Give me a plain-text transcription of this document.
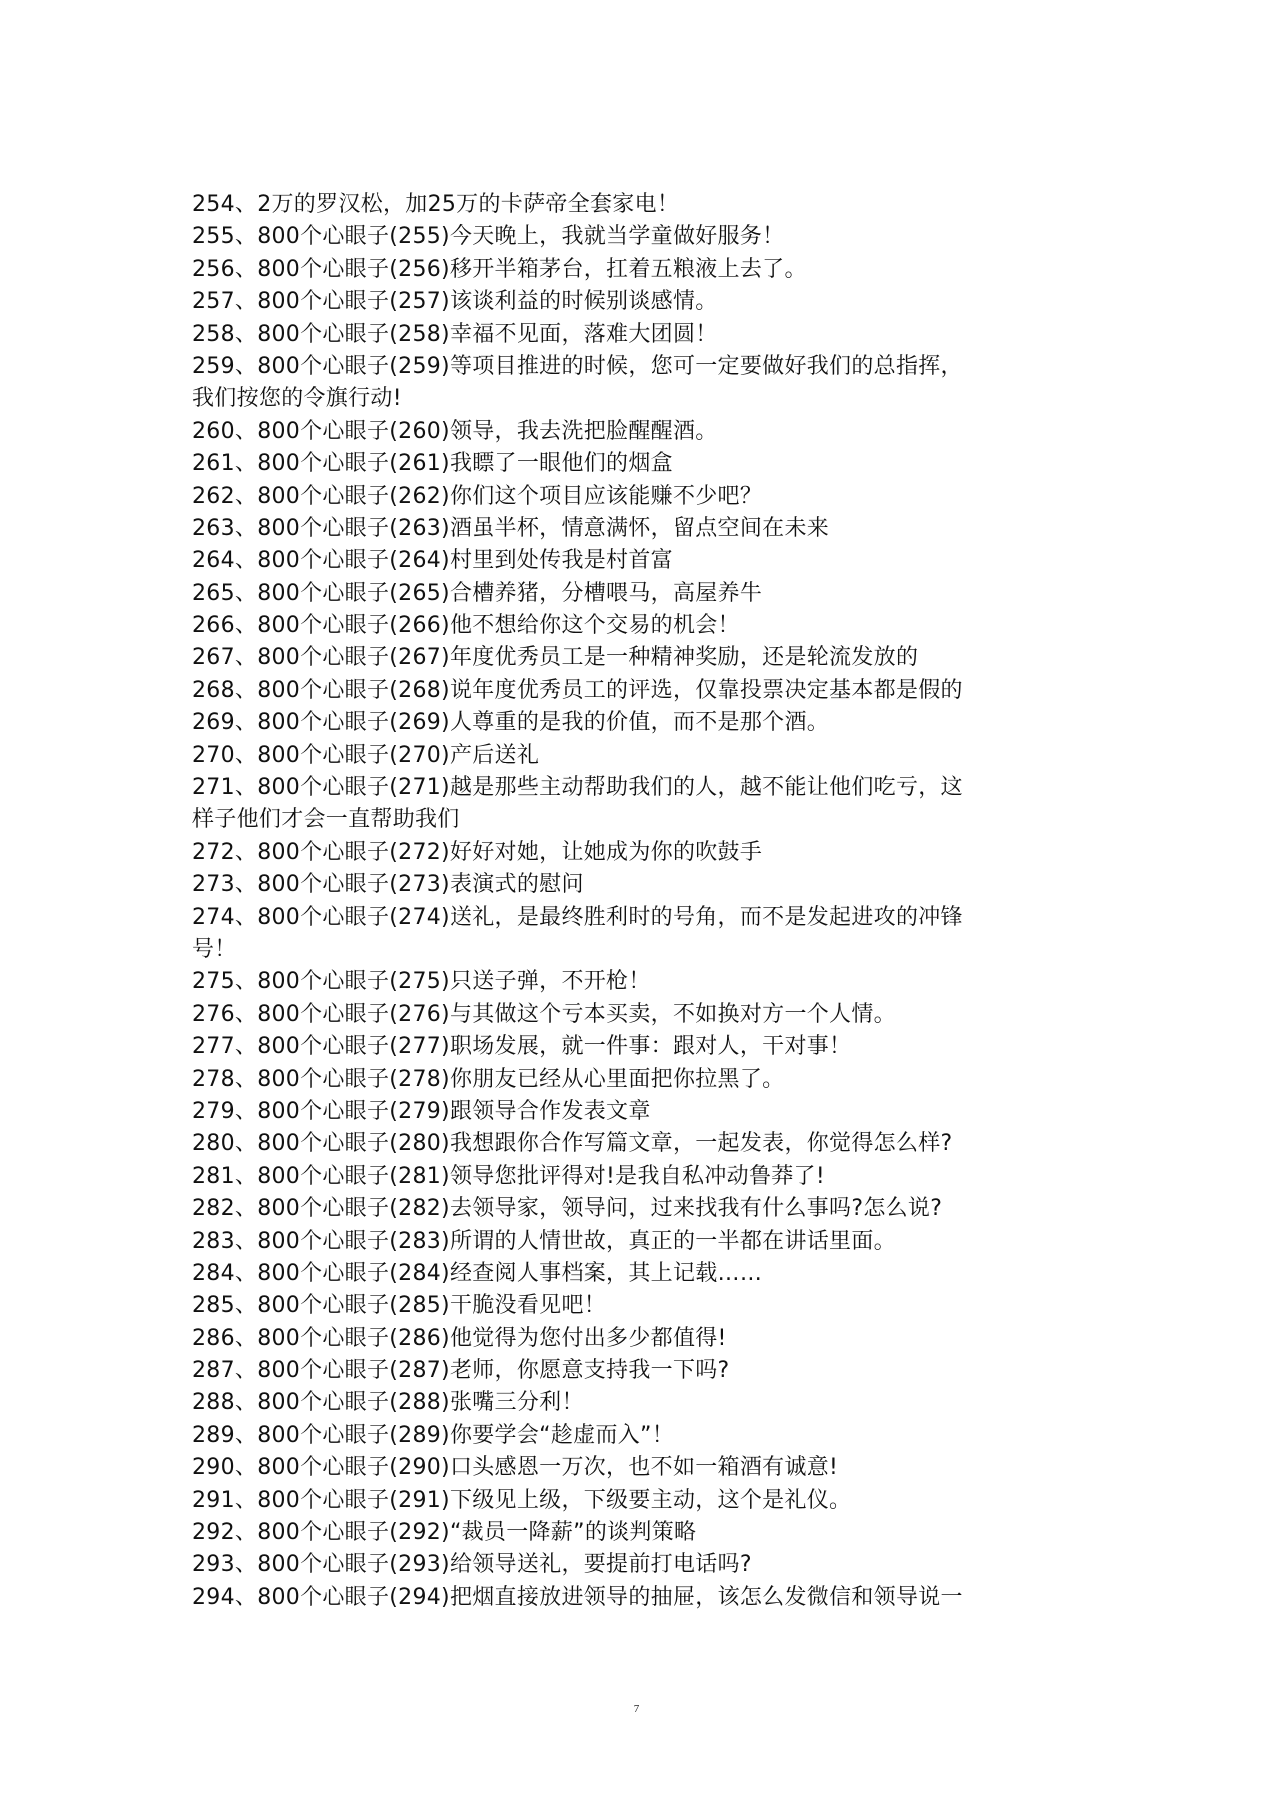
254、2万的罗汉松，加25万的卡萨帝全套家电！
255、800个心眼子(255)今天晚上，我就当学童做好服务！
256、800个心眼子(256)移开半箱茅台，扛着五粮液上去了。
257、800个心眼子(257)该谈利益的时候别谈感情。
258、800个心眼子(258)幸福不见面，落难大团圆！
259、800个心眼子(259)等项目推进的时候，您可一定要做好我们的总指挥，
我们按您的令旗行动!
260、800个心眼子(260)领导，我去洗把脸醒醒酒。
261、800个心眼子(261)我瞟了一眼他们的烟盒
262、800个心眼子(262)你们这个项目应该能赚不少吧？
263、800个心眼子(263)酒虽半杯，情意满怀，留点空间在未来
264、800个心眼子(264)村里到处传我是村首富
265、800个心眼子(265)合槽养猪，分槽喂马，高屋养牛
266、800个心眼子(266)他不想给你这个交易的机会！
267、800个心眼子(267)年度优秀员工是一种精神奖励，还是轮流发放的
268、800个心眼子(268)说年度优秀员工的评选，仅靠投票决定基本都是假的
269、800个心眼子(269)人尊重的是我的价值，而不是那个酒。
270、800个心眼子(270)产后送礼
271、800个心眼子(271)越是那些主动帮助我们的人，越不能让他们吃亏，这
样子他们才会一直帮助我们
272、800个心眼子(272)好好对她，让她成为你的吹鼓手
273、800个心眼子(273)表演式的慰问
274、800个心眼子(274)送礼，是最终胜利时的号角，而不是发起进攻的冲锋
号！
275、800个心眼子(275)只送子弹，不开枪！
276、800个心眼子(276)与其做这个亏本买卖，不如换对方一个人情。
277、800个心眼子(277)职场发展，就一件事：跟对人，干对事！
278、800个心眼子(278)你朋友已经从心里面把你拉黑了。
279、800个心眼子(279)跟领导合作发表文章
280、800个心眼子(280)我想跟你合作写篇文章，一起发表，你觉得怎么样?
281、800个心眼子(281)领导您批评得对!是我自私冲动鲁莽了!
282、800个心眼子(282)去领导家，领导问，过来找我有什么事吗?怎么说?
283、800个心眼子(283)所谓的人情世故，真正的一半都在讲话里面。
284、800个心眼子(284)经查阅人事档案，其上记载……
285、800个心眼子(285)干脆没看见吧！
286、800个心眼子(286)他觉得为您付出多少都值得!
287、800个心眼子(287)老师，你愿意支持我一下吗?
288、800个心眼子(288)张嘴三分利！
289、800个心眼子(289)你要学会“趁虚而入”！
290、800个心眼子(290)口头感恩一万次，也不如一箱酒有诚意!
291、800个心眼子(291)下级见上级，下级要主动，这个是礼仪。
292、800个心眼子(292)“裁员一降薪”的谈判策略
293、800个心眼子(293)给领导送礼，要提前打电话吗?
294、800个心眼子(294)把烟直接放进领导的抽屉，该怎么发微信和领导说一
7
